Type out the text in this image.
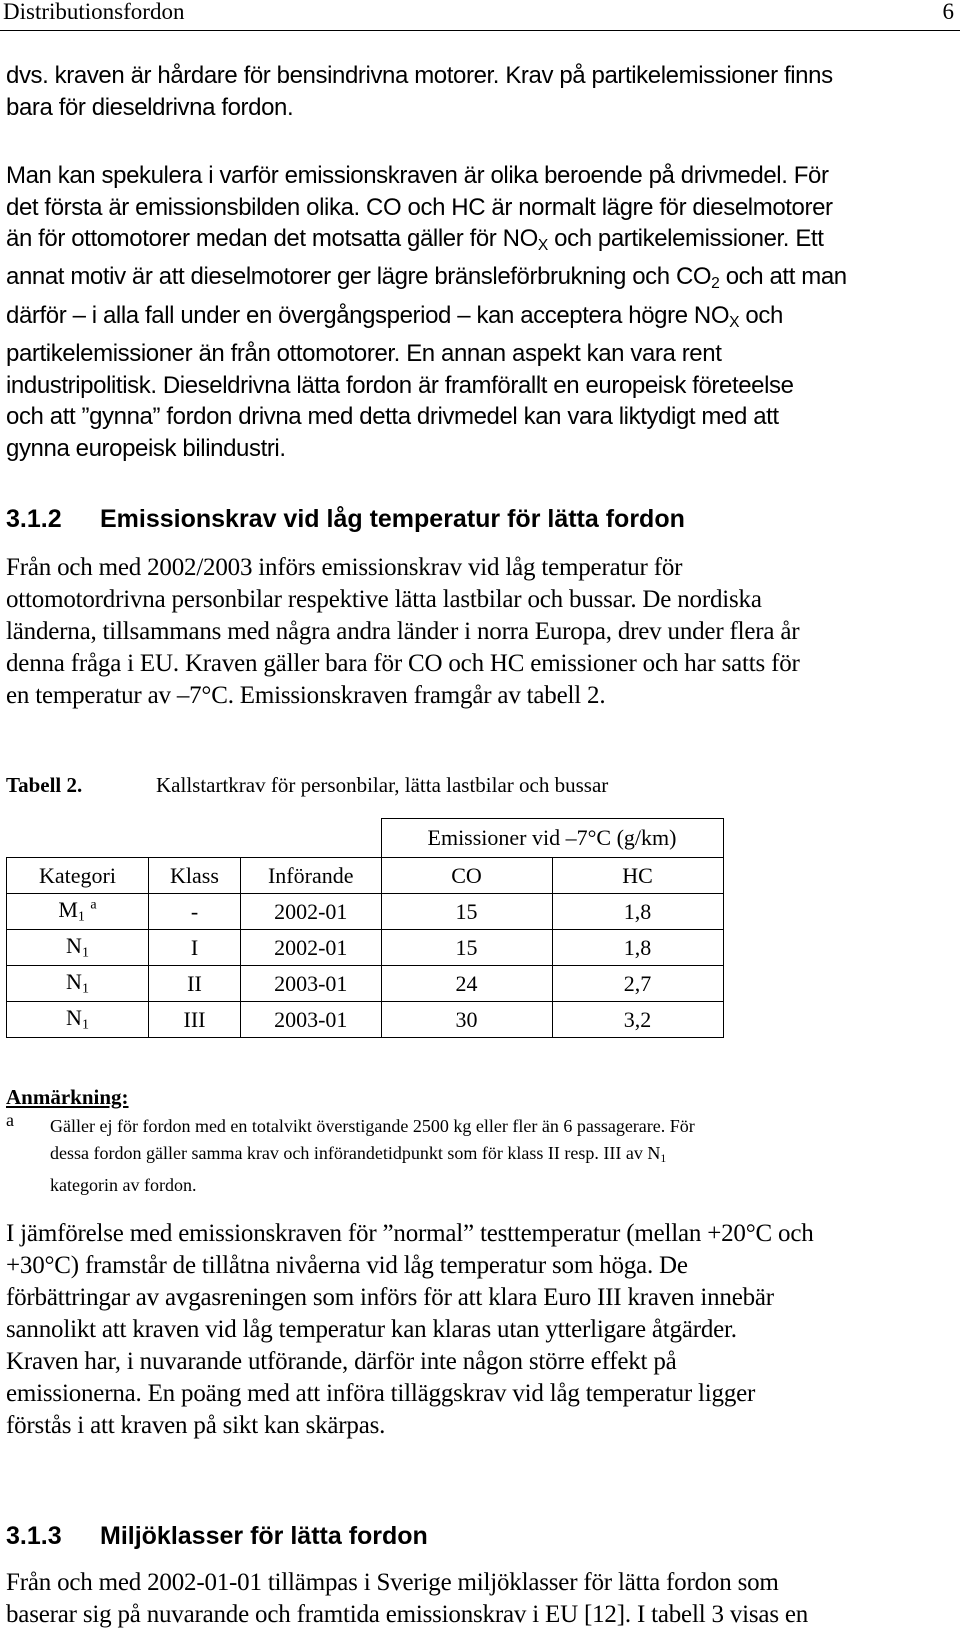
Distributionsfordon	6
dvs. kraven är hårdare för bensindrivna motorer. Krav på partikelemissioner finns
bara för dieseldrivna fordon.
Man kan spekulera i varför emissionskraven är olika beroende på drivmedel. För
det första är emissionsbilden olika. CO och HC är normalt lägre för dieselmotorer
än för ottomotorer medan det motsatta gäller för $NO_X$ och partikelemissioner. Ett
annat motiv är att dieselmotorer ger lägre bränsleförbrukning och $CO_2$ och att man
därför – i alla fall under en övergångsperiod – kan acceptera högre $NO_X$ och
partikelemissioner än från ottomotorer. En annan aspekt kan vara rent
industripolitisk. Dieseldrivna lätta fordon är framförallt en europeisk företeelse
och att ”gynna” fordon drivna med detta drivmedel kan vara liktydigt med att
gynna europeisk bilindustri.
3.1.2 Emissionskrav vid låg temperatur för lätta fordon
Från och med 2002/2003 införs emissionskrav vid låg temperatur för
ottomotordrivna personbilar respektive lätta lastbilar och bussar. De nordiska
länderna, tillsammans med några andra länder i norra Europa, drev under flera år
denna fråga i EU. Kraven gäller bara för CO och HC emissioner och har satts för
en temperatur av –7°C. Emissionskraven framgår av tabell 2.
Tabell 2.	Kallstartkrav för personbilar, lätta lastbilar och bussar
			Emissioner vid –7°C (g/km)	
Kategori	Klass	Införande	CO	HC
$M_1$ $^a$	-	2002-01	15	1,8
$N_1$	I	2002-01	15	1,8
$N_1$	II	2003-01	24	2,7
$N_1$	III	2003-01	30	3,2
Anmärkning:
a Gäller ej för fordon med en totalvikt överstigande 2500 kg eller fler än 6 passagerare. För
dessa fordon gäller samma krav och införandetidpunkt som för klass II resp. III av $N_1$
kategorin av fordon.
I jämförelse med emissionskraven för ”normal” testtemperatur (mellan +20°C och
+30°C) framstår de tillåtna nivåerna vid låg temperatur som höga. De
förbättringar av avgasreningen som införs för att klara Euro III kraven innebär
sannolikt att kraven vid låg temperatur kan klaras utan ytterligare åtgärder.
Kraven har, i nuvarande utförande, därför inte någon större effekt på
emissionerna. En poäng med att införa tilläggskrav vid låg temperatur ligger
förstås i att kraven på sikt kan skärpas.
3.1.3 Miljöklasser för lätta fordon
Från och med 2002-01-01 tillämpas i Sverige miljöklasser för lätta fordon som
baserar sig på nuvarande och framtida emissionskrav i EU [12]. I tabell 3 visas en
